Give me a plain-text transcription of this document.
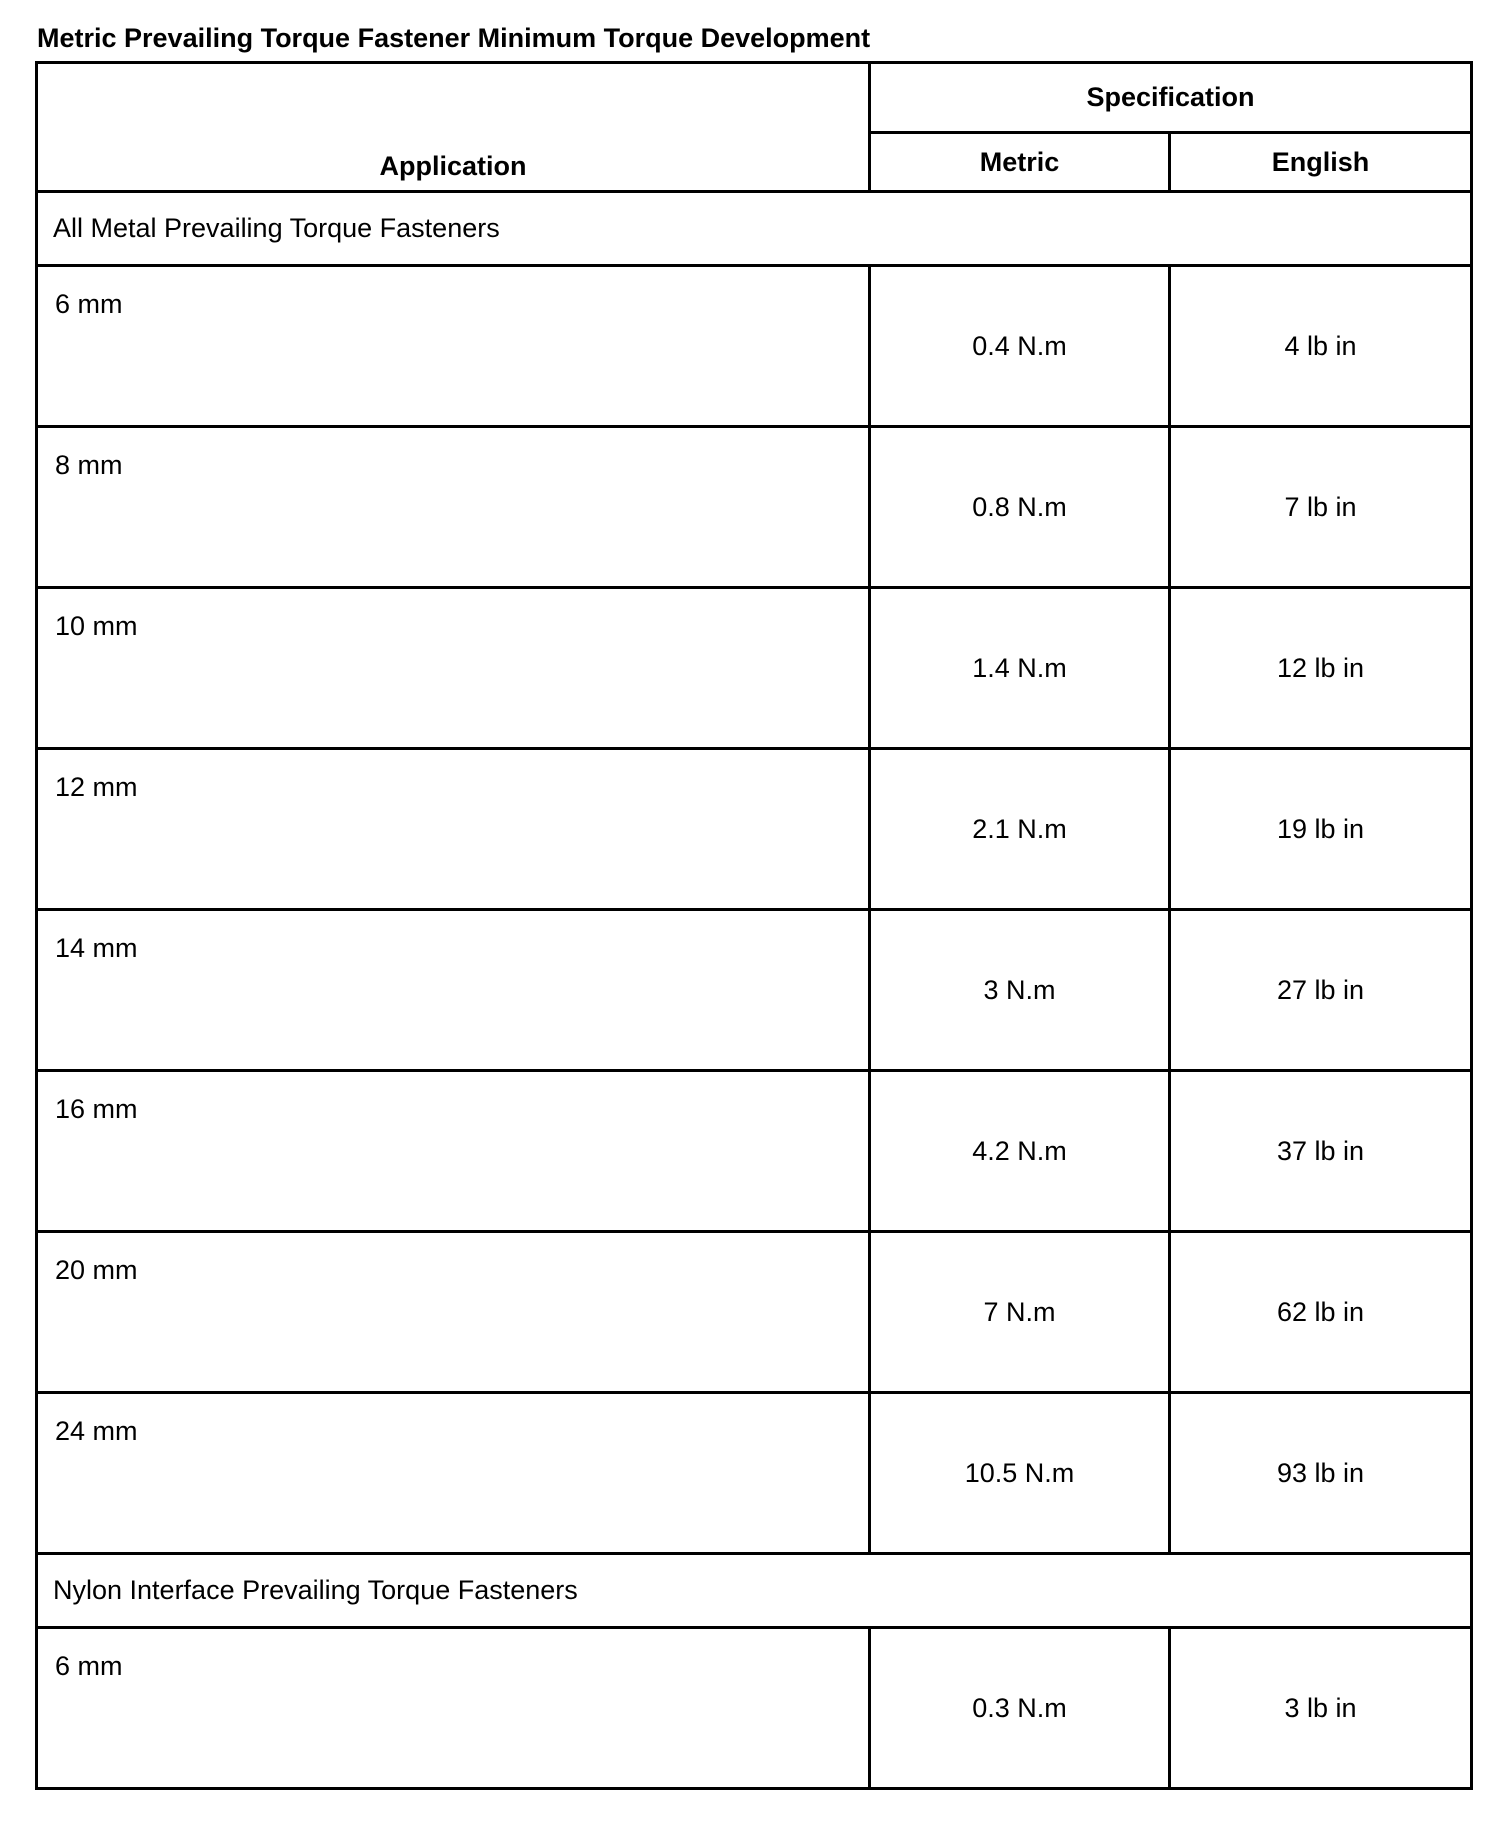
Metric Prevailing Torque Fastener Minimum Torque Development
Application	Specification	
	Metric	English
All Metal Prevailing Torque Fasteners		
6 mm	0.4 N.m	4 lb in
8 mm	0.8 N.m	7 lb in
10 mm	1.4 N.m	12 lb in
12 mm	2.1 N.m	19 lb in
14 mm	3 N.m	27 lb in
16 mm	4.2 N.m	37 lb in
20 mm	7 N.m	62 lb in
24 mm	10.5 N.m	93 lb in
Nylon Interface Prevailing Torque Fasteners		
6 mm	0.3 N.m	3 lb in
